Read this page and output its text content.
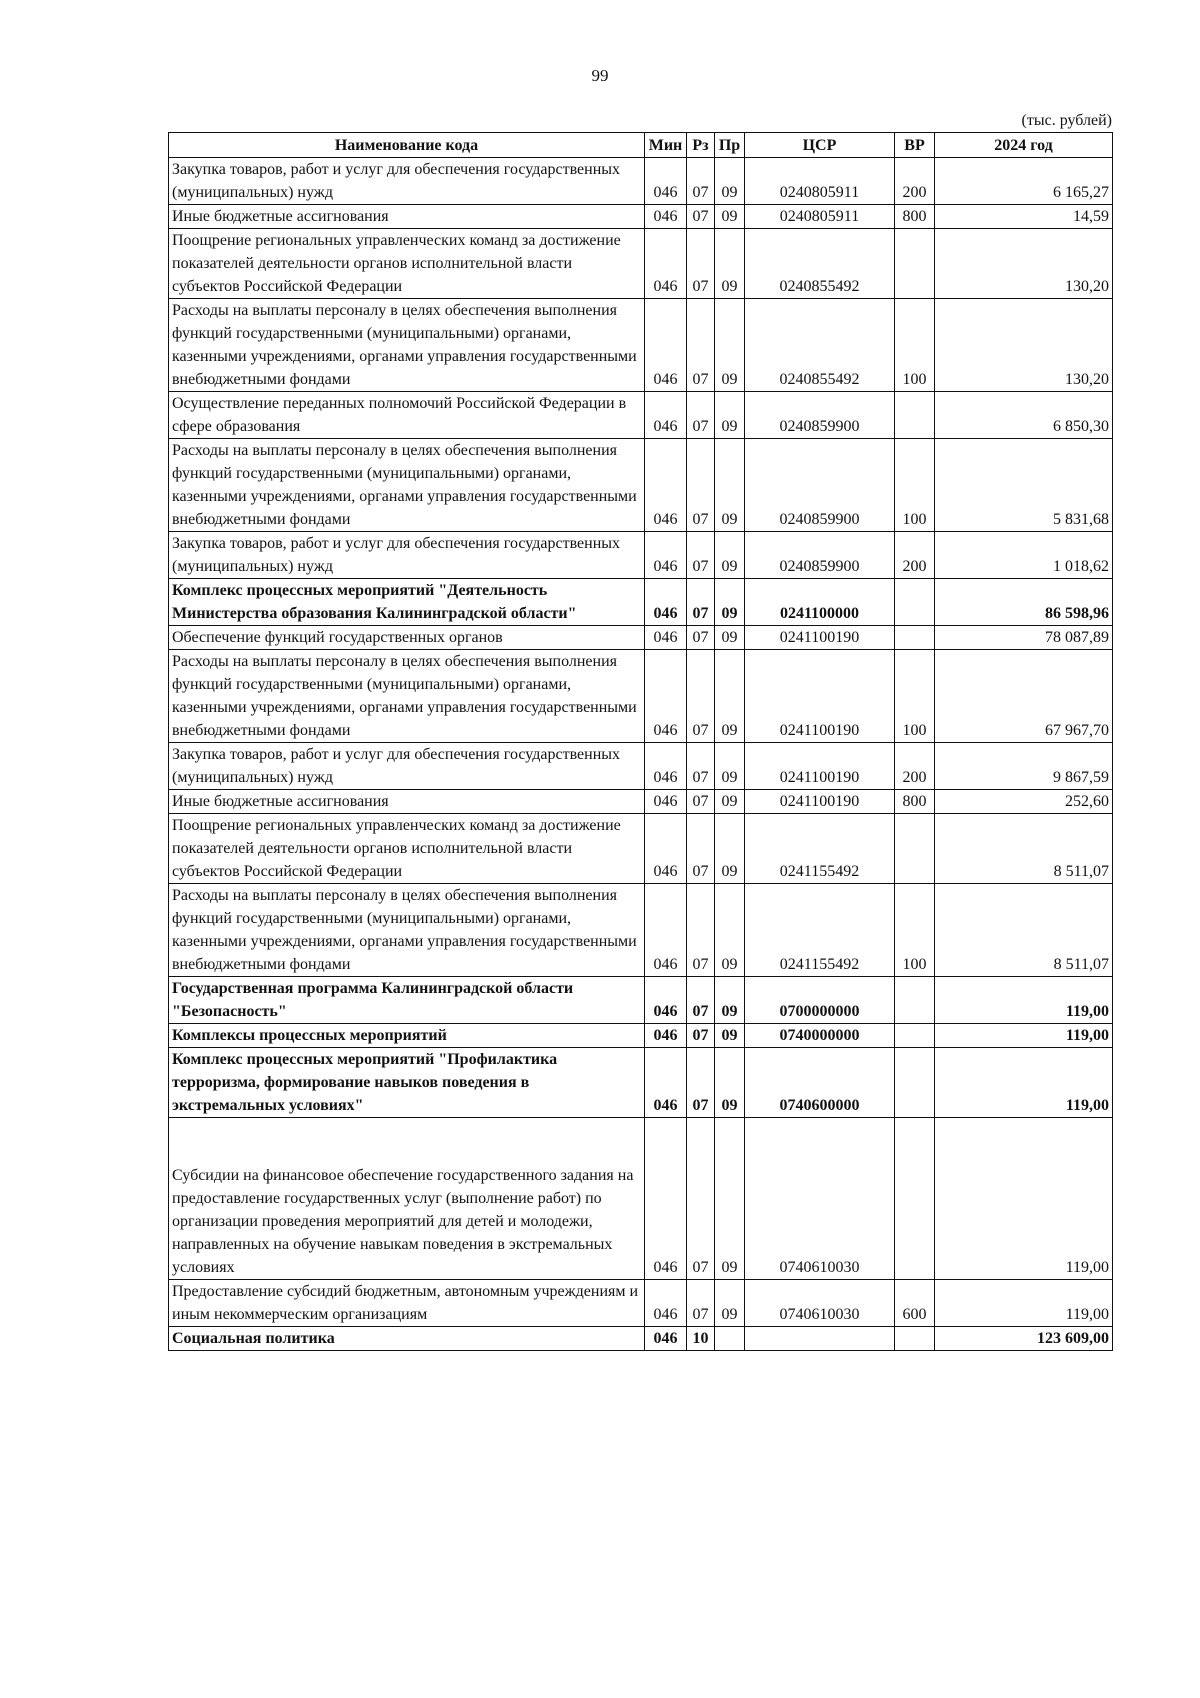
99
(тыс. рублей)
Наименование кода	Мин	Рз	Пр	ЦСР	ВР	2024 год
Закупка товаров, работ и услуг для обеспечения государственных (муниципальных) нужд	046	07	09	0240805911	200	6 165,27
Иные бюджетные ассигнования	046	07	09	0240805911	800	14,59
Поощрение региональных управленческих команд за достижение показателей деятельности органов исполнительной власти субъектов Российской Федерации	046	07	09	0240855492		130,20
Расходы на выплаты персоналу в целях обеспечения выполнения функций государственными (муниципальными) органами, казенными учреждениями, органами управления государственными внебюджетными фондами	046	07	09	0240855492	100	130,20
Осуществление переданных полномочий Российской Федерации в сфере образования	046	07	09	0240859900		6 850,30
Расходы на выплаты персоналу в целях обеспечения выполнения функций государственными (муниципальными) органами, казенными учреждениями, органами управления государственными внебюджетными фондами	046	07	09	0240859900	100	5 831,68
Закупка товаров, работ и услуг для обеспечения государственных (муниципальных) нужд	046	07	09	0240859900	200	1 018,62
Комплекс процессных мероприятий "Деятельность Министерства образования Калининградской области"	046	07	09	0241100000		86 598,96
Обеспечение функций государственных органов	046	07	09	0241100190		78 087,89
Расходы на выплаты персоналу в целях обеспечения выполнения функций государственными (муниципальными) органами, казенными учреждениями, органами управления государственными внебюджетными фондами	046	07	09	0241100190	100	67 967,70
Закупка товаров, работ и услуг для обеспечения государственных (муниципальных) нужд	046	07	09	0241100190	200	9 867,59
Иные бюджетные ассигнования	046	07	09	0241100190	800	252,60
Поощрение региональных управленческих команд за достижение показателей деятельности органов исполнительной власти субъектов Российской Федерации	046	07	09	0241155492		8 511,07
Расходы на выплаты персоналу в целях обеспечения выполнения функций государственными (муниципальными) органами, казенными учреждениями, органами управления государственными внебюджетными фондами	046	07	09	0241155492	100	8 511,07
Государственная программа Калининградской области "Безопасность"	046	07	09	0700000000		119,00
Комплексы процессных мероприятий	046	07	09	0740000000		119,00
Комплекс процессных мероприятий "Профилактика терроризма, формирование навыков поведения в экстремальных условиях"	046	07	09	0740600000		119,00
Субсидии на финансовое обеспечение государственного задания на предоставление государственных услуг (выполнение работ) по организации проведения мероприятий для детей и молодежи, направленных на обучение навыкам поведения в экстремальных условиях	046	07	09	0740610030		119,00
Предоставление субсидий бюджетным, автономным учреждениям и иным некоммерческим организациям	046	07	09	0740610030	600	119,00
Социальная политика	046	10				123 609,00
